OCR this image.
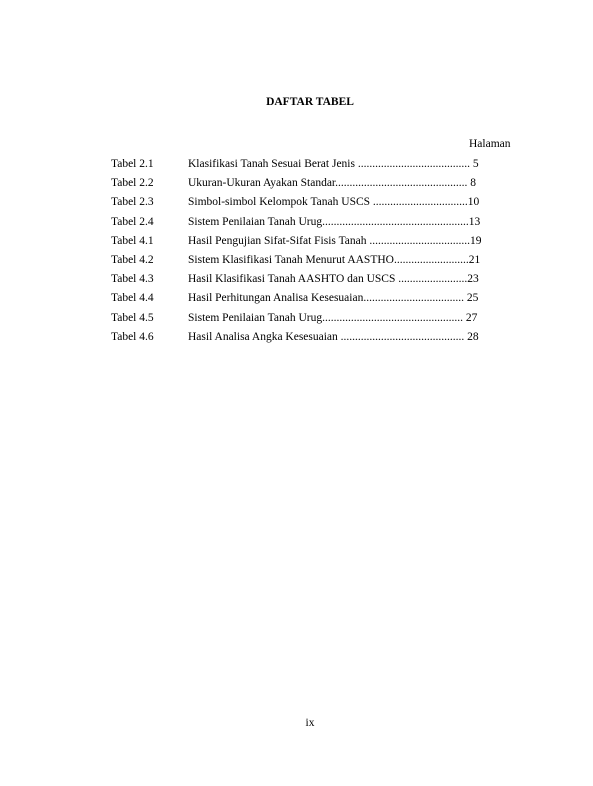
DAFTAR TABEL
Halaman
Tabel 2.1	Klasifikasi Tanah Sesuai Berat Jenis ....................................... 5
Tabel 2.2	Ukuran-Ukuran Ayakan Standar.............................................. 8
Tabel 2.3	Simbol-simbol Kelompok Tanah USCS .................................10
Tabel 2.4	Sistem Penilaian Tanah Urug...................................................13
Tabel 4.1	Hasil Pengujian Sifat-Sifat Fisis Tanah ...................................19
Tabel 4.2	Sistem Klasifikasi Tanah Menurut AASTHO..........................21
Tabel 4.3	Hasil Klasifikasi Tanah AASHTO dan USCS ........................23
Tabel 4.4	Hasil Perhitungan Analisa Kesesuaian................................... 25
Tabel 4.5	Sistem Penilaian Tanah Urug................................................. 27
Tabel 4.6	Hasil Analisa Angka Kesesuaian ........................................... 28
ix
